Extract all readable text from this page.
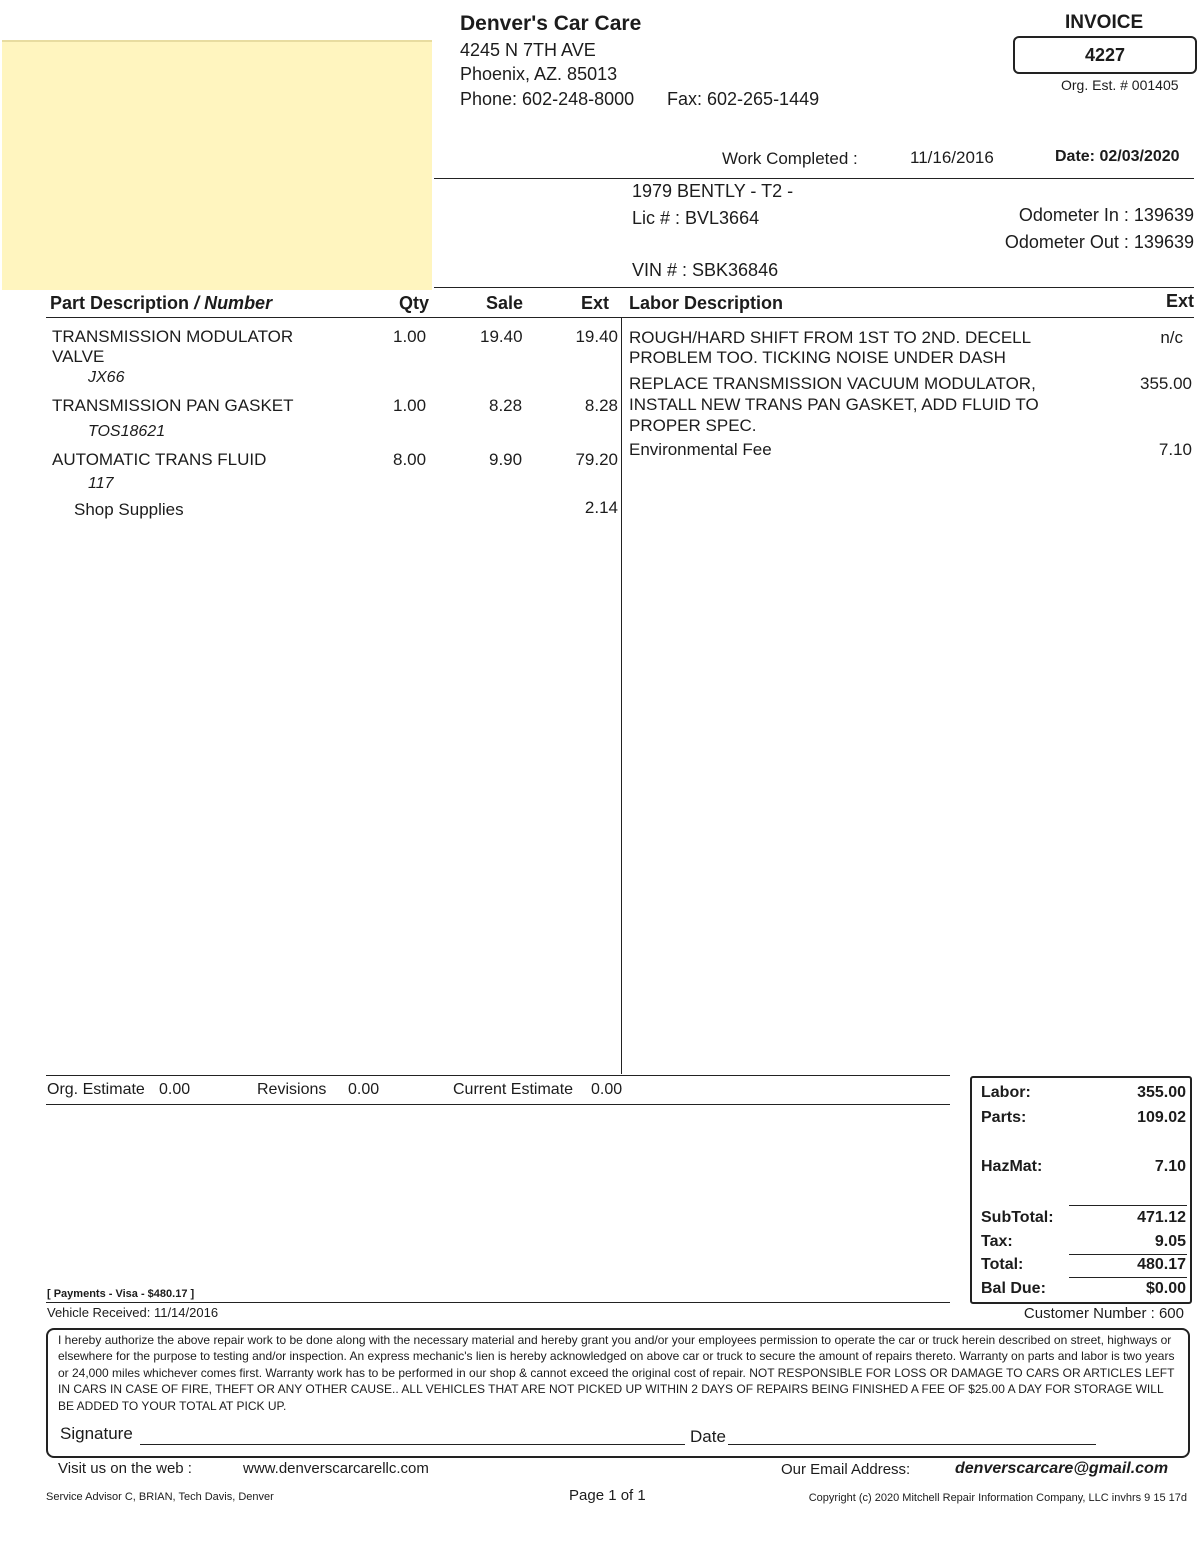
Denver's Car Care
4245 N 7TH AVE
Phoenix, AZ. 85013
Phone: 602-248-8000 Fax: 602-265-1449
INVOICE
4227
Org. Est. # 001405
Work Completed :	11/16/2016	Date: 02/03/2020
1979 BENTLY - T2 -
Lic # : BVL3664	Odometer In : 139639
Odometer Out : 139639
VIN # : SBK36846
Part Description / Number	Qty	Sale	Ext Labor Description	Ext
TRANSMISSION MODULATOR
VALVE
JX66
1.00	19.40	19.40
TRANSMISSION PAN GASKET
TOS18621
1.00	8.28	8.28
AUTOMATIC TRANS FLUID
117
8.00	9.90	79.20
Shop Supplies	2.14
ROUGH/HARD SHIFT FROM 1ST TO 2ND. DECELL
PROBLEM TOO. TICKING NOISE UNDER DASH
n/c
REPLACE TRANSMISSION VACUUM MODULATOR,
INSTALL NEW TRANS PAN GASKET, ADD FLUID TO
PROPER SPEC.
355.00
Environmental Fee	7.10
Org. Estimate 0.00	Revisions 0.00	Current Estimate 0.00	Labor:	355.00
Parts:	109.02
HazMat:	7.10
SubTotal:	471.12
Tax:	9.05
Total:	480.17
Bal Due:	$0.00
[ Payments - Visa - $480.17 ]
Vehicle Received: 11/14/2016	Customer Number : 600
I hereby authorize the above repair work to be done along with the necessary material and hereby grant you and/or your employees permission to operate the car or truck herein described on street, highways or elsewhere for the purpose to testing and/or inspection. An express mechanic's lien is hereby acknowledged on above car or truck to secure the amount of repairs thereto. Warranty on parts and labor is two years or 24,000 miles whichever comes first. Warranty work has to be performed in our shop & cannot exceed the original cost of repair. NOT RESPONSIBLE FOR LOSS OR DAMAGE TO CARS OR ARTICLES LEFT IN CARS IN CASE OF FIRE, THEFT OR ANY OTHER CAUSE.. ALL VEHICLES THAT ARE NOT PICKED UP WITHIN 2 DAYS OF REPAIRS BEING FINISHED A FEE OF $25.00 A DAY FOR STORAGE WILL BE ADDED TO YOUR TOTAL AT PICK UP.
Signature	Date
Visit us on the web :	www.denverscarcarellc.com	Our Email Address:	denverscarcare@gmail.com
Service Advisor C, BRIAN, Tech Davis, Denver	Page 1 of 1	Copyright (c) 2020 Mitchell Repair Information Company, LLC invhrs 9 15 17d
